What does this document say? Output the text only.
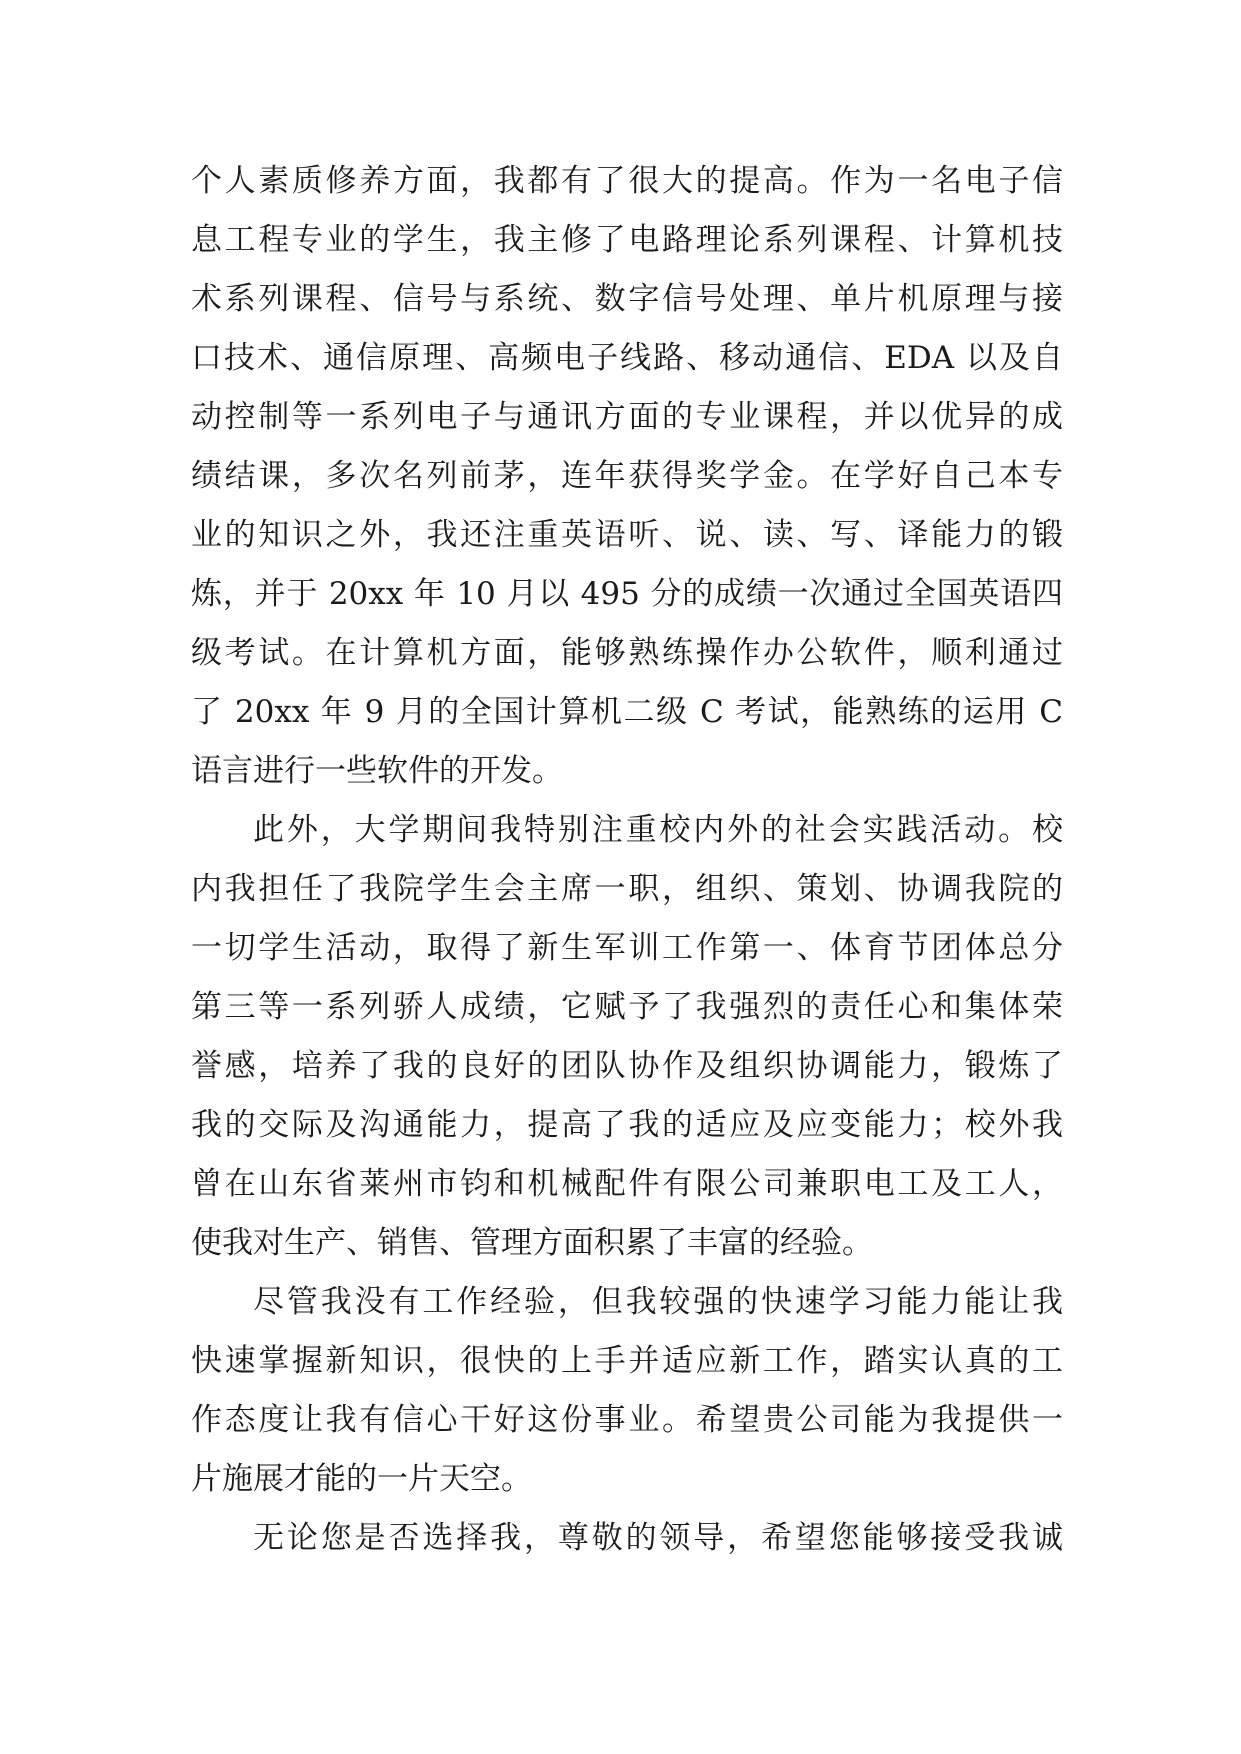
个人素质修养方面，我都有了很大的提高。作为一名电子信
息工程专业的学生，我主修了电路理论系列课程、计算机技
术系列课程、信号与系统、数字信号处理、单片机原理与接
口技术、通信原理、高频电子线路、移动通信、EDA 以及自
动控制等一系列电子与通讯方面的专业课程，并以优异的成
绩结课，多次名列前茅，连年获得奖学金。在学好自己本专
业的知识之外，我还注重英语听、说、读、写、译能力的锻
炼，并于 20xx 年 10 月以 495 分的成绩一次通过全国英语四
级考试。在计算机方面，能够熟练操作办公软件，顺利通过
了 20xx 年 9 月的全国计算机二级 C 考试，能熟练的运用 C
语言进行一些软件的开发。
此外，大学期间我特别注重校内外的社会实践活动。校
内我担任了我院学生会主席一职，组织、策划、协调我院的
一切学生活动，取得了新生军训工作第一、体育节团体总分
第三等一系列骄人成绩，它赋予了我强烈的责任心和集体荣
誉感，培养了我的良好的团队协作及组织协调能力，锻炼了
我的交际及沟通能力，提高了我的适应及应变能力；校外我
曾在山东省莱州市钧和机械配件有限公司兼职电工及工人，
使我对生产、销售、管理方面积累了丰富的经验。
尽管我没有工作经验，但我较强的快速学习能力能让我
快速掌握新知识，很快的上手并适应新工作，踏实认真的工
作态度让我有信心干好这份事业。希望贵公司能为我提供一
片施展才能的一片天空。
无论您是否选择我，尊敬的领导，希望您能够接受我诚
